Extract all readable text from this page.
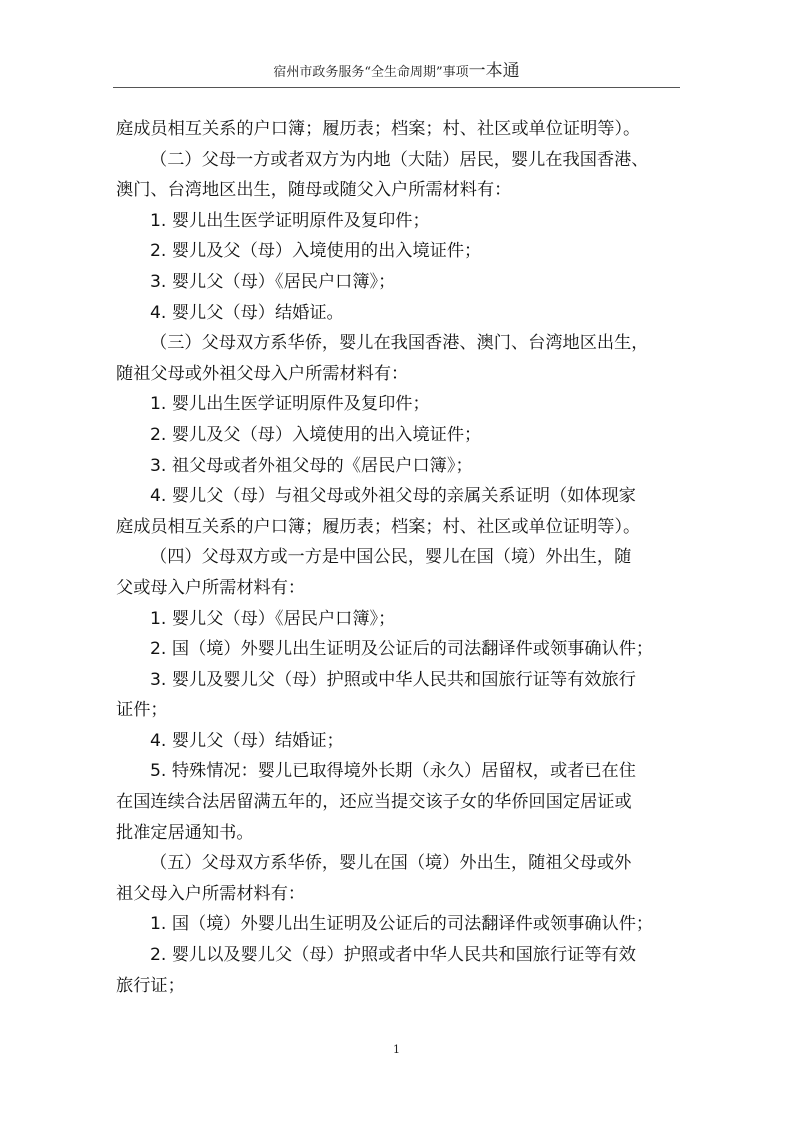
宿州市政务服务“全生命周期”事项一本通

庭成员相互关系的户口簿；履历表；档案；村、社区或单位证明等）。

（二）父母一方或者双方为内地（大陆）居民，婴儿在我国香港、

澳门、台湾地区出生，随母或随父入户所需材料有：

1. 婴儿出生医学证明原件及复印件；

2. 婴儿及父（母）入境使用的出入境证件；

3. 婴儿父（母）《居民户口簿》；

4. 婴儿父（母）结婚证。

（三）父母双方系华侨，婴儿在我国香港、澳门、台湾地区出生，

随祖父母或外祖父母入户所需材料有：

1. 婴儿出生医学证明原件及复印件；

2. 婴儿及父（母）入境使用的出入境证件；

3. 祖父母或者外祖父母的《居民户口簿》；

4. 婴儿父（母）与祖父母或外祖父母的亲属关系证明（如体现家

庭成员相互关系的户口簿；履历表；档案；村、社区或单位证明等）。

（四）父母双方或一方是中国公民，婴儿在国（境）外出生，随

父或母入户所需材料有：

1. 婴儿父（母）《居民户口簿》；

2. 国（境）外婴儿出生证明及公证后的司法翻译件或领事确认件；

3. 婴儿及婴儿父（母）护照或中华人民共和国旅行证等有效旅行

证件；

4. 婴儿父（母）结婚证；

5. 特殊情况：婴儿已取得境外长期（永久）居留权，或者已在住

在国连续合法居留满五年的，还应当提交该子女的华侨回国定居证或

批准定居通知书。

（五）父母双方系华侨，婴儿在国（境）外出生，随祖父母或外

祖父母入户所需材料有：

1. 国（境）外婴儿出生证明及公证后的司法翻译件或领事确认件；

2. 婴儿以及婴儿父（母）护照或者中华人民共和国旅行证等有效

旅行证；

1
